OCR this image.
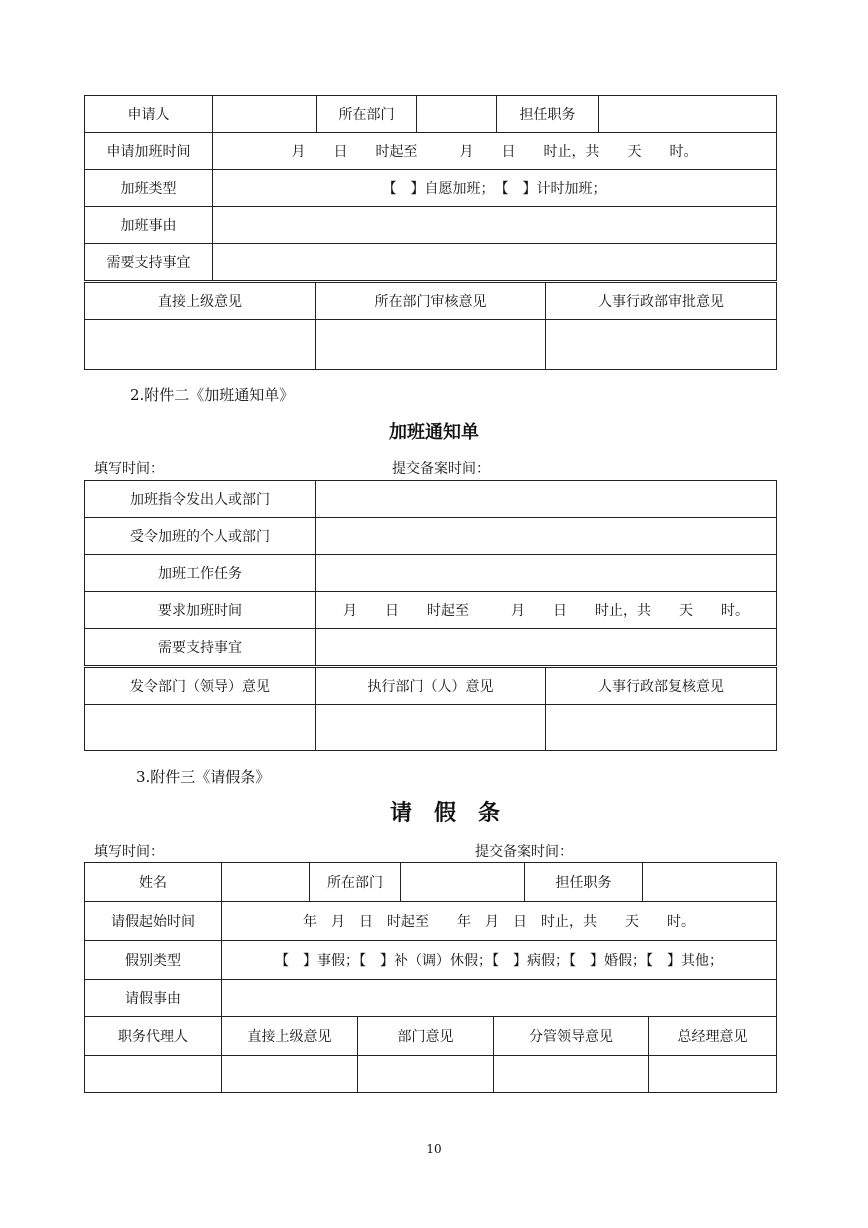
申请人		所在部门		担任职务	
申请加班时间	月　　日　　时起至　　　月　　日　　时止，共　　天　　时。				
加班类型	【　】自愿加班；　【　】计时加班；				
加班事由					
需要支持事宜					
直接上级意见	所在部门审核意见	人事行政部审批意见

2.附件二《加班通知单》
加班通知单
填写时间：	提交备案时间：
加班指令发出人或部门	
受令加班的个人或部门	
加班工作任务	
要求加班时间	月　　日　　时起至　　　月　　日　　时止，共　　天　　时。
需要支持事宜	
发令部门（领导）意见	执行部门（人）意见	人事行政部复核意见

3.附件三《请假条》
请假条
填写时间：	提交备案时间：
姓名		所在部门		担任职务	
请假起始时间	年　月　日　时起至　　年　月　日　时止，共　　天　　时。				
假别类型	【　】事假；【　】补（调）休假；【　】病假；【　】婚假；【　】其他；				
请假事由					
职务代理人	直接上级意见	部门意见	分管领导意见	总经理意见

10
